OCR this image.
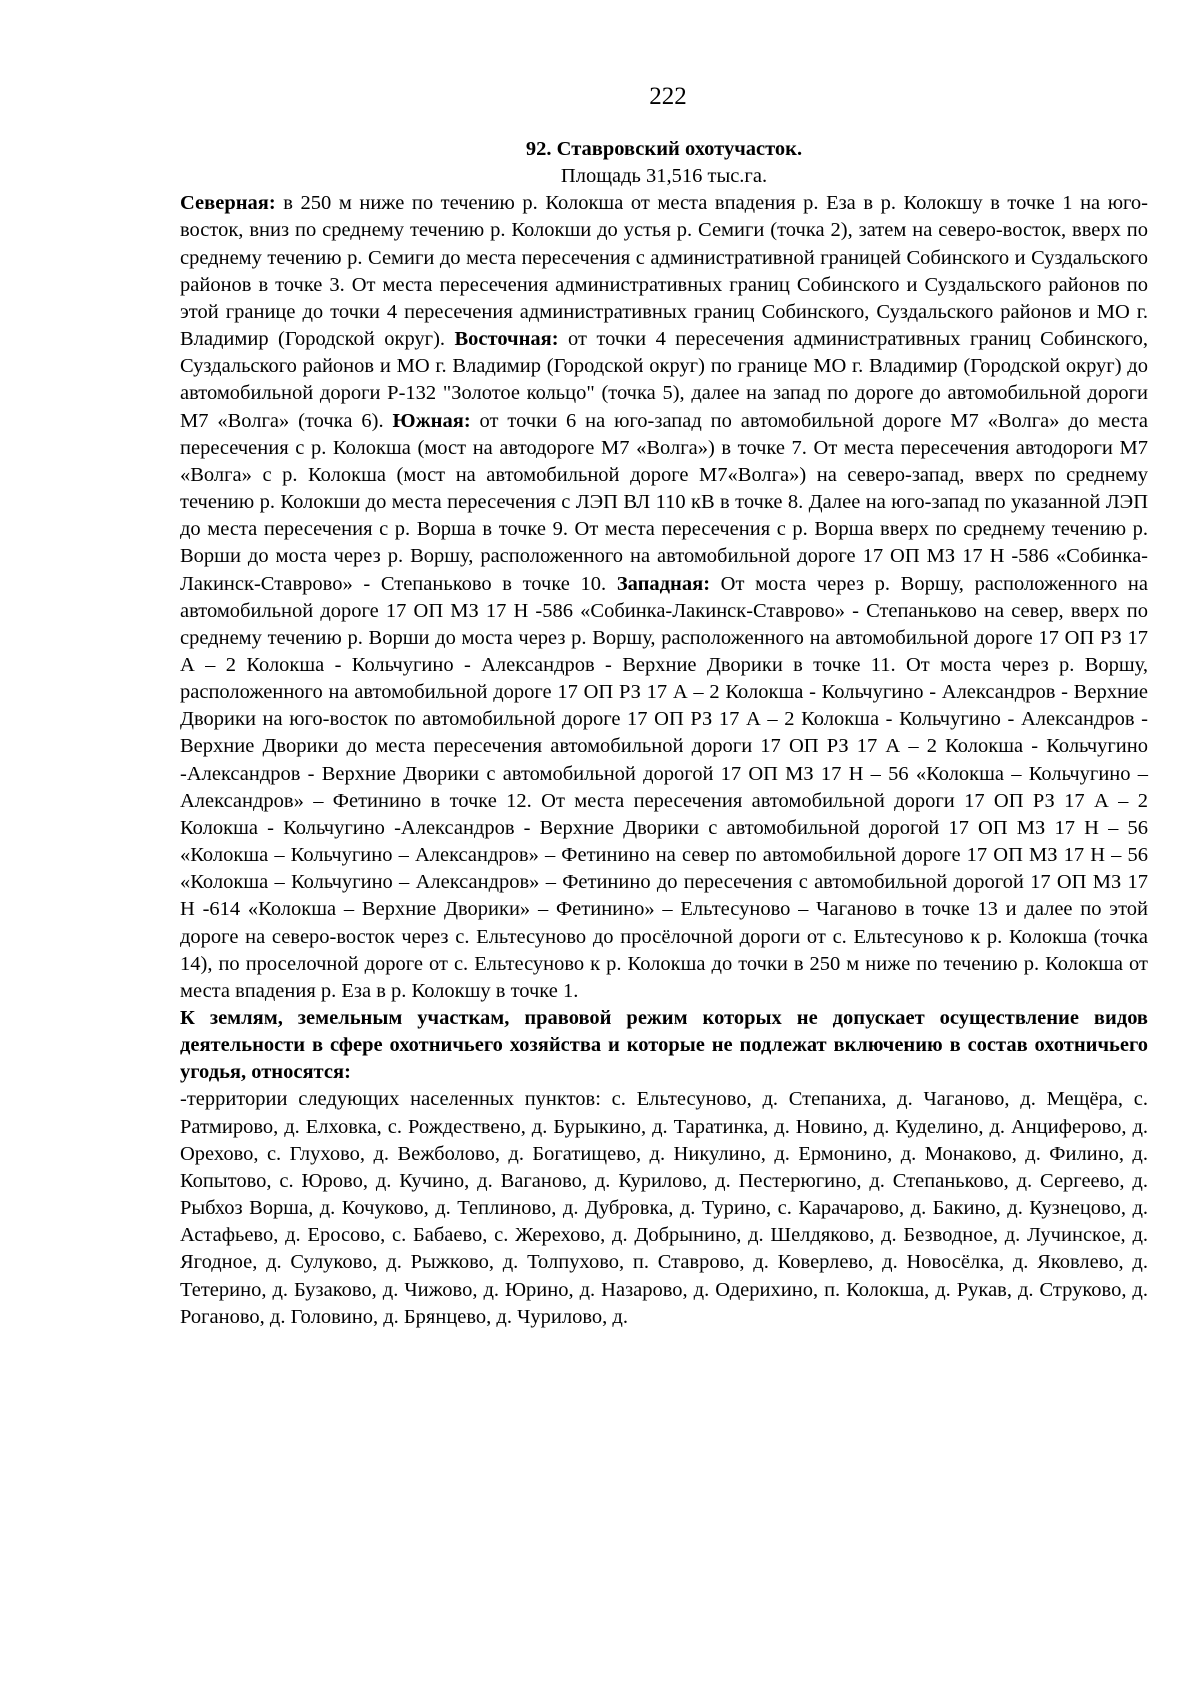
222

92. Ставровский охотучасток.

Площадь 31,516 тыс.га.

Северная: в 250 м ниже по течению р. Колокша от места впадения р. Еза в р. Колокшу в точке 1 на юго-восток, вниз по среднему течению р. Колокши до устья р. Семиги (точка 2), затем на северо-восток, вверх по среднему течению р. Семиги до места пересечения с административной границей Собинского и Суздальского районов в точке 3. От места пересечения административных границ Собинского и Суздальского районов по этой границе до точки 4 пересечения административных границ Собинского, Суздальского районов и МО г. Владимир (Городской округ). Восточная: от точки 4 пересечения административных границ Собинского, Суздальского районов и МО г. Владимир (Городской округ) по границе МО г. Владимир (Городской округ) до автомобильной дороги Р-132 "Золотое кольцо" (точка 5), далее на запад по дороге до автомобильной дороги М7 «Волга» (точка 6). Южная: от точки 6 на юго-запад по автомобильной дороге М7 «Волга» до места пересечения с р. Колокша (мост на автодороге М7 «Волга») в точке 7. От места пересечения автодороги М7 «Волга» с р. Колокша (мост на автомобильной дороге М7«Волга») на северо-запад, вверх по среднему течению р. Колокши до места пересечения с ЛЭП ВЛ 110 кВ в точке 8. Далее на юго-запад по указанной ЛЭП до места пересечения с р. Ворша в точке 9. От места пересечения с р. Ворша вверх по среднему течению р. Ворши до моста через р. Воршу, расположенного на автомобильной дороге 17 ОП МЗ 17 Н -586 «Собинка-Лакинск-Ставрово» - Степаньково в точке 10. Западная: От моста через р. Воршу, расположенного на автомобильной дороге 17 ОП МЗ 17 Н -586 «Собинка-Лакинск-Ставрово» - Степаньково на север, вверх по среднему течению р. Ворши до моста через р. Воршу, расположенного на автомобильной дороге 17 ОП РЗ 17 А – 2 Колокша - Кольчугино - Александров - Верхние Дворики в точке 11. От моста через р. Воршу, расположенного на автомобильной дороге 17 ОП РЗ 17 А – 2 Колокша - Кольчугино - Александров - Верхние Дворики на юго-восток по автомобильной дороге 17 ОП РЗ 17 А – 2 Колокша - Кольчугино - Александров - Верхние Дворики до места пересечения автомобильной дороги 17 ОП РЗ 17 А – 2 Колокша - Кольчугино -Александров - Верхние Дворики с автомобильной дорогой 17 ОП МЗ 17 Н – 56 «Колокша – Кольчугино – Александров» – Фетинино в точке 12. От места пересечения автомобильной дороги 17 ОП РЗ 17 А – 2 Колокша - Кольчугино -Александров - Верхние Дворики с автомобильной дорогой 17 ОП МЗ 17 Н – 56 «Колокша – Кольчугино – Александров» – Фетинино на север по автомобильной дороге 17 ОП МЗ 17 Н – 56 «Колокша – Кольчугино – Александров» – Фетинино до пересечения с автомобильной дорогой 17 ОП МЗ 17 Н -614 «Колокша – Верхние Дворики» – Фетинино» – Ельтесуново – Чаганово в точке 13 и далее по этой дороге на северо-восток через с. Ельтесуново до просёлочной дороги от с. Ельтесуново к р. Колокша (точка 14), по проселочной дороге от с. Ельтесуново к р. Колокша до точки в 250 м ниже по течению р. Колокша от места впадения р. Еза в р. Колокшу в точке 1.

К землям, земельным участкам, правовой режим которых не допускает осуществление видов деятельности в сфере охотничьего хозяйства и которые не подлежат включению в состав охотничьего угодья, относятся:

-территории следующих населенных пунктов: с. Ельтесуново, д. Степаниха, д. Чаганово, д. Мещёра, с. Ратмирово, д. Елховка, с. Рождествено, д. Бурыкино, д. Таратинка, д. Новино, д. Куделино, д. Анциферово, д. Орехово, с. Глухово, д. Вежболово, д. Богатищево, д. Никулино, д. Ермонино, д. Монаково, д. Филино, д. Копытово, с. Юрово, д. Кучино, д. Ваганово, д. Курилово, д. Пестерюгино, д. Степаньково, д. Сергеево, д. Рыбхоз Ворша, д. Кочуково, д. Теплиново, д. Дубровка, д. Турино, с. Карачарово, д. Бакино, д. Кузнецово, д. Астафьево, д. Еросово, с. Бабаево, с. Жерехово, д. Добрынино, д. Шелдяково, д. Безводное, д. Лучинское, д. Ягодное, д. Сулуково, д. Рыжково, д. Толпухово, п. Ставрово, д. Коверлево, д. Новосёлка, д. Яковлево, д. Тетерино, д. Бузаково, д. Чижово, д. Юрино, д. Назарово, д. Одерихино, п. Колокша, д. Рукав, д. Струково, д. Роганово, д. Головино, д. Брянцево, д. Чурилово, д.
